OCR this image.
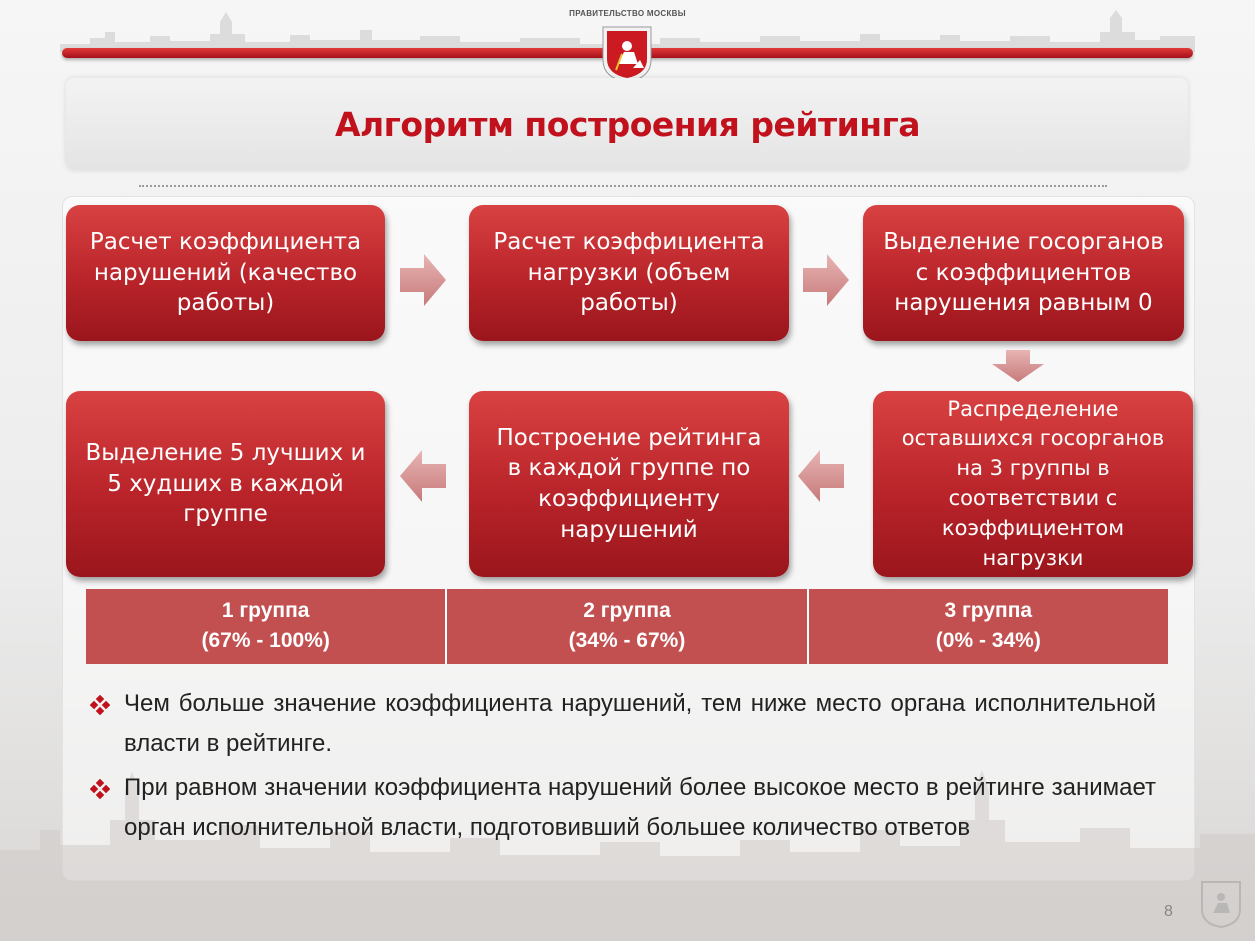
ПРАВИТЕЛЬСТВО МОСКВЫ
Алгоритм построения рейтинга
Расчет коэффициента
нарушений (качество
работы)
Расчет коэффициента
нагрузки (объем
работы)
Выделение госорганов
с коэффициентов
нарушения равным 0
Распределение
оставшихся госорганов
на 3 группы в
соответствии с
коэффициентом
нагрузки
Построение рейтинга
в каждой группе по
коэффициенту
нарушений
Выделение 5 лучших и
5 худших в каждой
группе
1 группа
(67% - 100%)
2 группа
(34% - 67%)
3 группа
(0% - 34%)
Чем больше значение коэффициента нарушений, тем ниже место органа исполнительной власти в рейтинге.
При равном значении коэффициента нарушений более высокое место в рейтинге занимает орган исполнительной власти, подготовивший большее количество ответов
8
